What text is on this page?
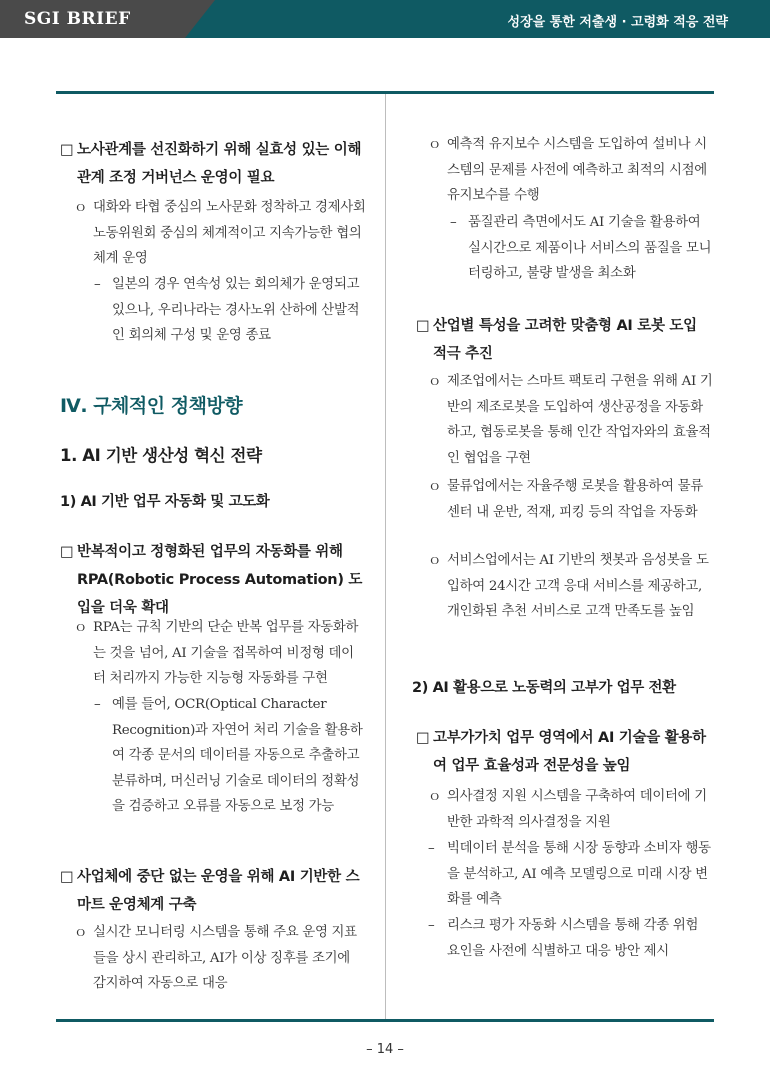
SGI BRIEF	성장을 통한 저출생 · 고령화 적응 전략

□ 노사관계를 선진화하기 위해 실효성 있는 이해관계 조정 거버넌스 운영이 필요

ｏ 대화와 타협 중심의 노사문화 정착하고 경제사회노동위원회 중심의 체계적이고 지속가능한 협의체계 운영

– 일본의 경우 연속성 있는 회의체가 운영되고 있으나, 우리나라는 경사노위 산하에 산발적인 회의체 구성 및 운영 종료

Ⅳ. 구체적인 정책방향
1. AI 기반 생산성 혁신 전략
1) AI 기반 업무 자동화 및 고도화

□ 반복적이고 정형화된 업무의 자동화를 위해 RPA(Robotic Process Automation) 도입을 더욱 확대

ｏ RPA는 규칙 기반의 단순 반복 업무를 자동화하는 것을 넘어, AI 기술을 접목하여 비정형 데이터 처리까지 가능한 지능형 자동화를 구현

– 예를 들어, OCR(Optical Character Recognition)과 자연어 처리 기술을 활용하여 각종 문서의 데이터를 자동으로 추출하고 분류하며, 머신러닝 기술로 데이터의 정확성을 검증하고 오류를 자동으로 보정 가능

□ 사업체에 중단 없는 운영을 위해 AI 기반한 스마트 운영체계 구축

ｏ 실시간 모니터링 시스템을 통해 주요 운영 지표들을 상시 관리하고, AI가 이상 징후를 조기에 감지하여 자동으로 대응

ｏ 예측적 유지보수 시스템을 도입하여 설비나 시스템의 문제를 사전에 예측하고 최적의 시점에 유지보수를 수행

– 품질관리 측면에서도 AI 기술을 활용하여 실시간으로 제품이나 서비스의 품질을 모니터링하고, 불량 발생을 최소화

□ 산업별 특성을 고려한 맞춤형 AI 로봇 도입 적극 추진

ｏ 제조업에서는 스마트 팩토리 구현을 위해 AI 기반의 제조로봇을 도입하여 생산공정을 자동화하고, 협동로봇을 통해 인간 작업자와의 효율적인 협업을 구현

ｏ 물류업에서는 자율주행 로봇을 활용하여 물류센터 내 운반, 적재, 피킹 등의 작업을 자동화

ｏ 서비스업에서는 AI 기반의 챗봇과 음성봇을 도입하여 24시간 고객 응대 서비스를 제공하고, 개인화된 추천 서비스로 고객 만족도를 높임

2) AI 활용으로 노동력의 고부가 업무 전환

□ 고부가가치 업무 영역에서 AI 기술을 활용하여 업무 효율성과 전문성을 높임

ｏ 의사결정 지원 시스템을 구축하여 데이터에 기반한 과학적 의사결정을 지원

– 빅데이터 분석을 통해 시장 동향과 소비자 행동을 분석하고, AI 예측 모델링으로 미래 시장 변화를 예측

– 리스크 평가 자동화 시스템을 통해 각종 위험 요인을 사전에 식별하고 대응 방안 제시

– 14 –
